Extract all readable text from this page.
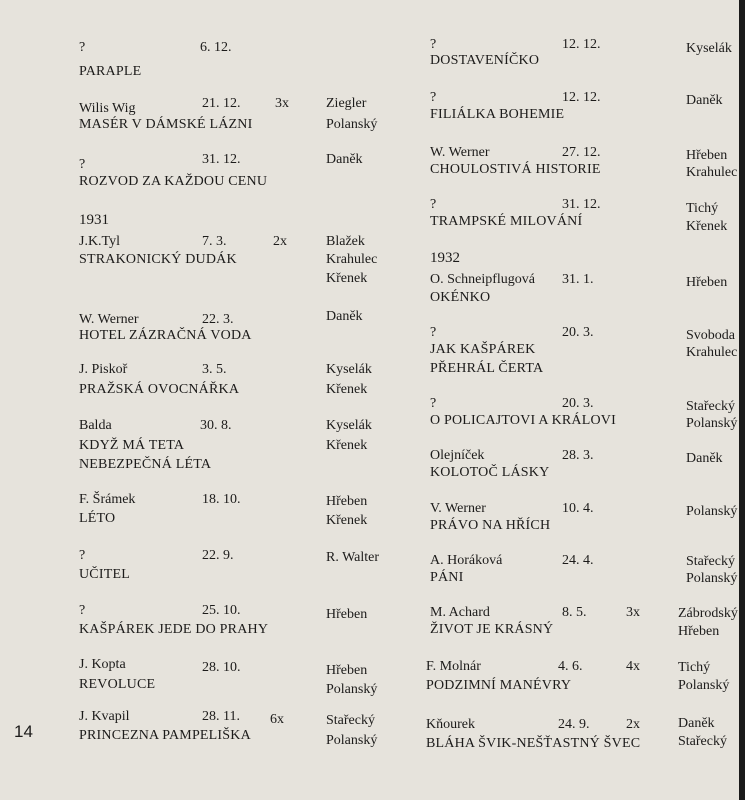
?	6. 12.
PARAPLE
Wilis Wig	21. 12. 3x	Ziegler
MASÉR V DÁMSKÉ LÁZNI	Polanský
?	31. 12.	Daněk
ROZVOD ZA KAŽDOU CENU
1931
J.K.Tyl	7. 3.	2x	Blažek
STRAKONICKÝ DUDÁK	Krahulec
Křenek
W. Werner	22. 3.	Daněk
HOTEL ZÁZRAČNÁ VODA
J. Piskoř	3. 5.	Kyselák
PRAŽSKÁ OVOCNÁŘKA	Křenek
Balda	30. 8.	Kyselák
KDYŽ MÁ TETA	Křenek
NEBEZPEČNÁ LÉTA
F. Šrámek	18. 10.	Hřeben
LÉTO	Křenek
?	22. 9.	R. Walter
UČITEL
?	25. 10.	Hřeben
KAŠPÁREK JEDE DO PRAHY
J. Kopta	28. 10.	Hřeben
REVOLUCE	Polanský
J. Kvapil	28. 11. 6x	Stařecký
PRINCEZNA PAMPELIŠKA	Polanský
?	12. 12.	Kyselák
DOSTAVENÍČKO
?	12. 12.	Daněk
FILIÁLKA BOHEMIE
W. Werner	27. 12.	Hřeben
CHOULOSTIVÁ HISTORIE	Krahulec
?	31. 12.	Tichý
TRAMPSKÉ MILOVÁNÍ	Křenek
1932
O. Schneipflugová 31. 1.	Hřeben
OKÉNKO
?	20. 3.	Svoboda
JAK KAŠPÁREK	Krahulec
PŘEHRÁL ČERTA
?	20. 3.	Stařecký
O POLICAJTOVI A KRÁLOVI	Polanský
Olejníček	28. 3.	Daněk
KOLOTOČ LÁSKY
V. Werner	10. 4.	Polanský
PRÁVO NA HŘÍCH
A. Horáková	24. 4.	Stařecký
PÁNI	Polanský
M. Achard	8. 5.	3x	Zábrodský
ŽIVOT JE KRÁSNÝ	Hřeben
F. Molnár	4. 6.	4x	Tichý
PODZIMNÍ MANÉVRY	Polanský
Kňourek	24. 9.	2x	Daněk
BLÁHA ŠVIK-NEŠŤASTNÝ ŠVEC	Stařecký
14
